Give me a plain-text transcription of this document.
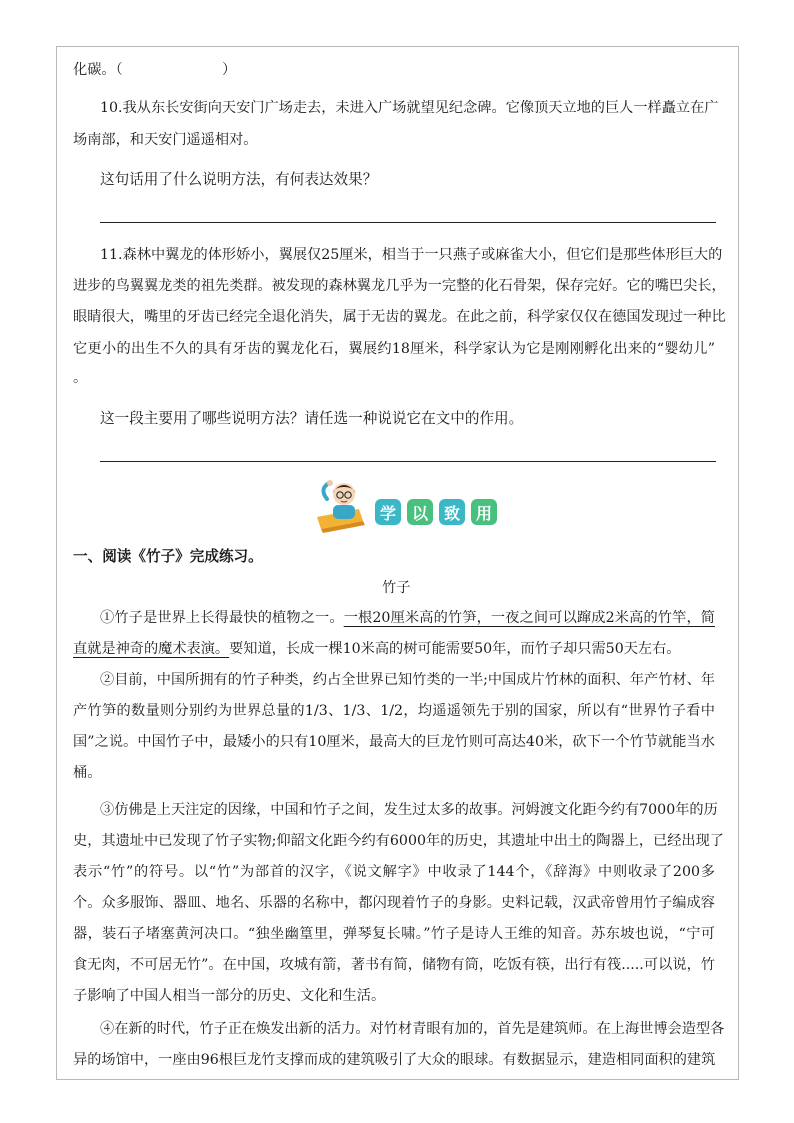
化碳。（　　　　　　　）
10.我从东长安街向天安门广场走去，未进入广场就望见纪念碑。它像顶天立地的巨人一样矗立在广
场南部，和天安门遥遥相对。
这句话用了什么说明方法，有何表达效果？
11.森林中翼龙的体形娇小，翼展仅25厘米，相当于一只燕子或麻雀大小，但它们是那些体形巨大的
进步的鸟翼翼龙类的祖先类群。被发现的森林翼龙几乎为一完整的化石骨架，保存完好。它的嘴巴尖长，
眼睛很大，嘴里的牙齿已经完全退化消失，属于无齿的翼龙。在此之前，科学家仅仅在德国发现过一种比
它更小的出生不久的具有牙齿的翼龙化石，翼展约18厘米，科学家认为它是刚刚孵化出来的“婴幼儿”
。
这一段主要用了哪些说明方法？请任选一种说说它在文中的作用。
学 以 致 用
一、阅读《竹子》完成练习。
竹子
①竹子是世界上长得最快的植物之一。一根20厘米高的竹笋，一夜之间可以蹿成2米高的竹竿，简
直就是神奇的魔术表演。要知道，长成一棵10米高的树可能需要50年，而竹子却只需50天左右。
②目前，中国所拥有的竹子种类，约占全世界已知竹类的一半;中国成片竹林的面积、年产竹材、年
产竹笋的数量则分别约为世界总量的1/3、1/3、1/2，均遥遥领先于别的国家，所以有“世界竹子看中
国”之说。中国竹子中，最矮小的只有10厘米，最高大的巨龙竹则可高达40米，砍下一个竹节就能当水
桶。
③仿佛是上天注定的因缘，中国和竹子之间，发生过太多的故事。河姆渡文化距今约有7000年的历
史，其遗址中已发现了竹子实物;仰韶文化距今约有6000年的历史，其遗址中出土的陶器上，已经出现了
表示“竹”的符号。以“竹”为部首的汉字，《说文解字》中收录了144个，《辞海》中则收录了200多
个。众多服饰、器皿、地名、乐器的名称中，都闪现着竹子的身影。史料记载，汉武帝曾用竹子编成容
器，装石子堵塞黄河决口。“独坐幽篁里，弹琴复长啸。”竹子是诗人王维的知音。苏东坡也说，“宁可
食无肉，不可居无竹”。在中国，攻城有箭，著书有简，储物有筒，吃饭有筷，出行有筏.....可以说，竹
子影响了中国人相当一部分的历史、文化和生活。
④在新的时代，竹子正在焕发出新的活力。对竹材青眼有加的，首先是建筑师。在上海世博会造型各
异的场馆中，一座由96根巨龙竹支撑而成的建筑吸引了大众的眼球。有数据显示，建造相同面积的建筑
